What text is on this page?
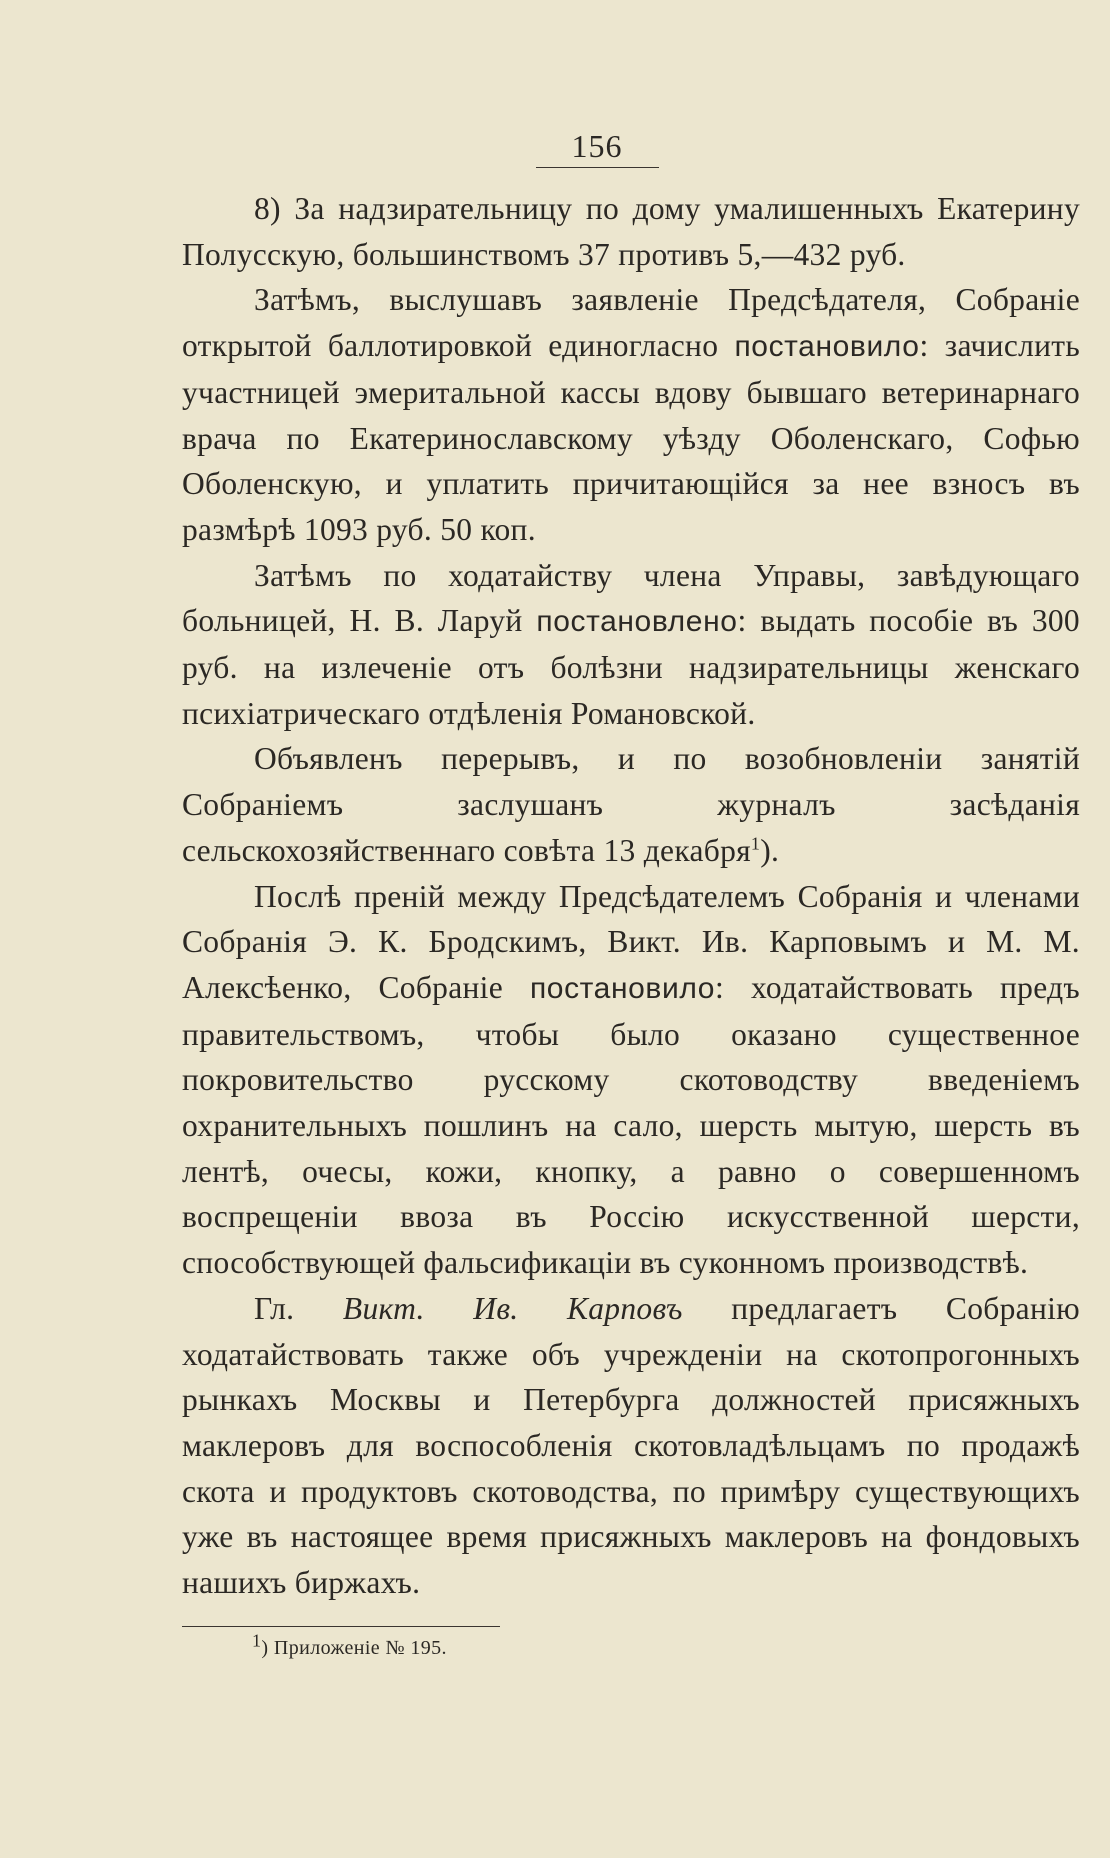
156

8) За надзирательницу по дому умалишенныхъ Екатерину Полусскую, большинствомъ 37 противъ 5,—432 руб.

Затѣмъ, выслушавъ заявленіе Предсѣдателя, Собраніе открытой баллотировкой единогласно постановило: зачислить участницей эмеритальной кассы вдову бывшаго ветеринарнаго врача по Екатеринославскому уѣзду Оболенскаго, Софью Оболенскую, и уплатить причитающійся за нее взносъ въ размѣрѣ 1093 руб. 50 коп.

Затѣмъ по ходатайству члена Управы, завѣдующаго больницей, Н. В. Ларуй постановлено: выдать пособіе въ 300 руб. на излеченіе отъ болѣзни надзирательницы женскаго психіатрическаго отдѣленія Романовской.

Объявленъ перерывъ, и по возобновленіи занятій Собраніемъ заслушанъ журналъ засѣданія сельскохозяйственнаго совѣта 13 декабря$^1$).

Послѣ преній между Предсѣдателемъ Собранія и членами Собранія Э. К. Бродскимъ, Викт. Ив. Карповымъ и М. М. Алексѣенко, Собраніе постановило: ходатайствовать предъ правительствомъ, чтобы было оказано существенное покровительство русскому скотоводству введеніемъ охранительныхъ пошлинъ на сало, шерсть мытую, шерсть въ лентѣ, очесы, кожи, кнопку, а равно о совершенномъ воспрещеніи ввоза въ Россію искусственной шерсти, способствующей фальсификаціи въ суконномъ производствѣ.

Гл. Викт. Ив. Карповъ предлагаетъ Собранію ходатайствовать также объ учрежденіи на скотопрогонныхъ рынкахъ Москвы и Петербурга должностей присяжныхъ маклеровъ для воспособленія скотовладѣльцамъ по продажѣ скота и продуктовъ скотоводства, по примѣру существующихъ уже въ настоящее время присяжныхъ маклеровъ на фондовыхъ нашихъ биржахъ.

$^1$) Приложеніе № 195.
